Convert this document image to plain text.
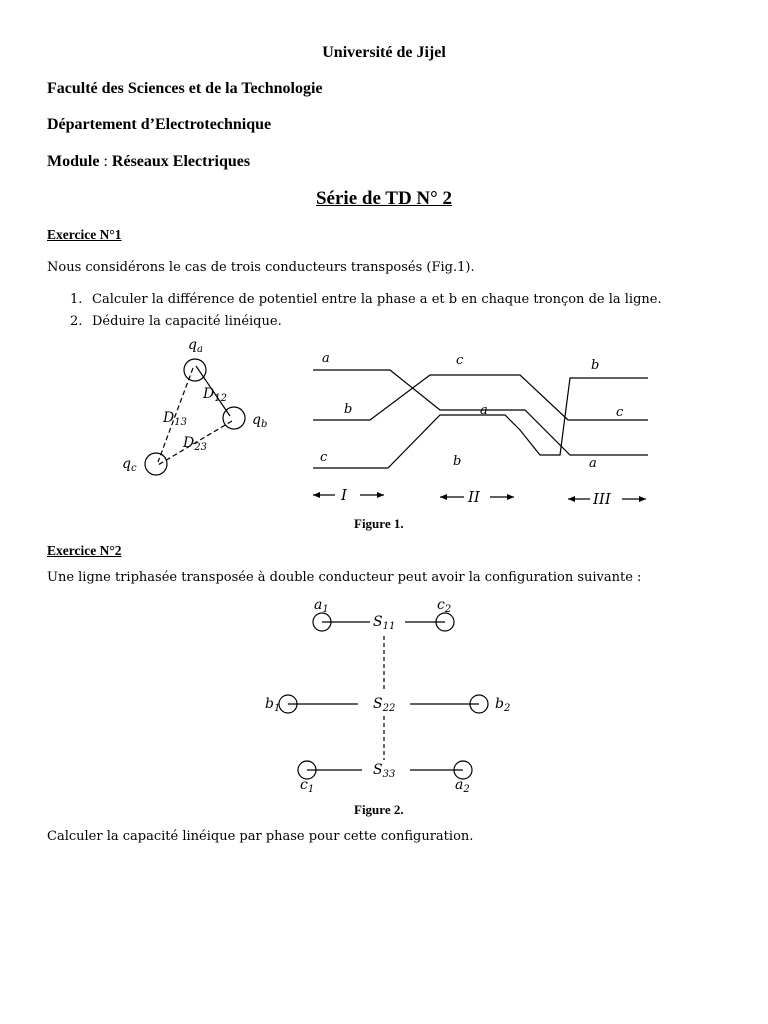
Université de Jijel
Faculté des Sciences et de la Technologie
Département d’Electrotechnique
Module : Réseaux Electriques
Série de TD N° 2
Exercice N°1
Nous considérons le cas de trois conducteurs transposés (Fig.1).
1. Calculer la différence de potentiel entre la phase a et b en chaque tronçon de la ligne.
2. Déduire la capacité linéique.
$q_a$
$q_b$
$q_c$
$D_{12}$
$D_{13}$
$D_{23}$
a
b
c
c
a
b
b
c
a
I	II	III
$a_1$	$c_2$
$S_{11}$
$b_1$	$b_2$
$S_{22}$
$c_1$	$a_2$
$S_{33}$
Figure 1.
Exercice N°2
Une ligne triphasée transposée à double conducteur peut avoir la configuration suivante :
Figure 2.
Calculer la capacité linéique par phase pour cette configuration.
